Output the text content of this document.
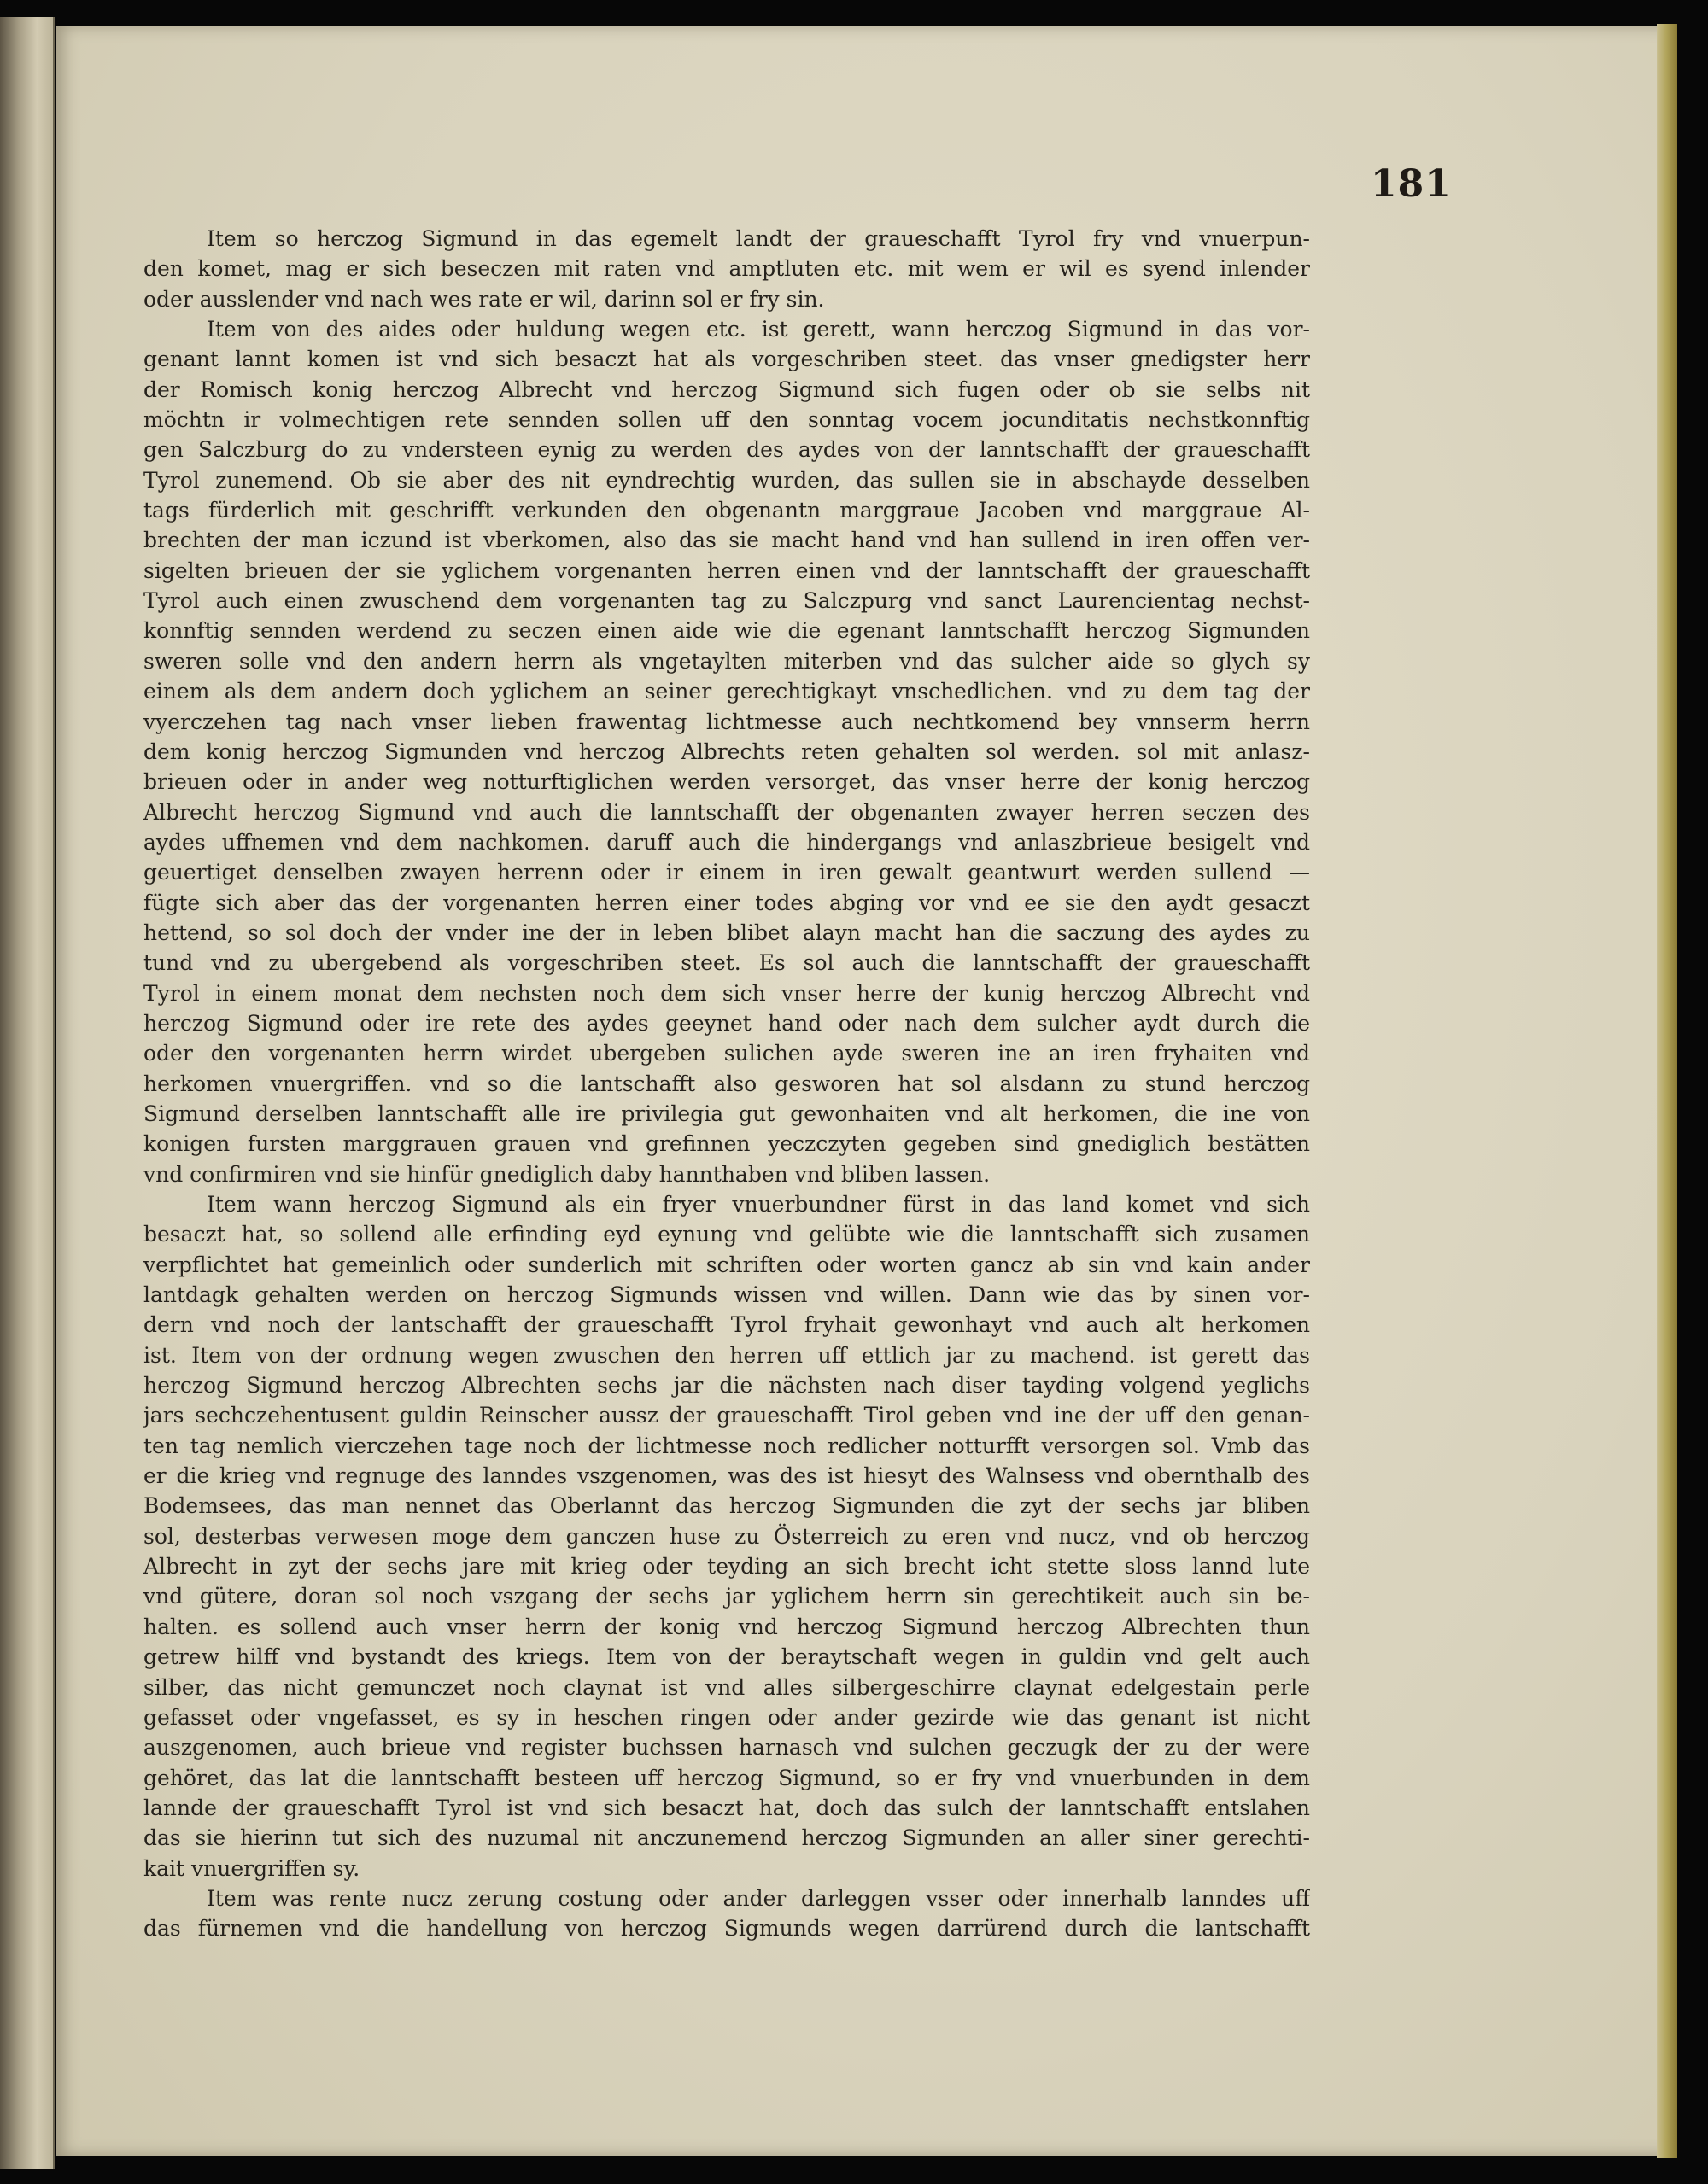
181
Item so herczog Sigmund in das egemelt landt der graueschafft Tyrol fry vnd vnuerpun-
den komet, mag er sich beseczen mit raten vnd amptluten etc. mit wem er wil es syend inlender
oder ausslender vnd nach wes rate er wil, darinn sol er fry sin.
Item von des aides oder huldung wegen etc. ist gerett, wann herczog Sigmund in das vor-
genant lannt komen ist vnd sich besaczt hat als vorgeschriben steet. das vnser gnedigster herr
der Romisch konig herczog Albrecht vnd herczog Sigmund sich fugen oder ob sie selbs nit
möchtn ir volmechtigen rete sennden sollen uff den sonntag vocem jocunditatis nechstkonnftig
gen Salczburg do zu vndersteen eynig zu werden des aydes von der lanntschafft der graueschafft
Tyrol zunemend. Ob sie aber des nit eyndrechtig wurden, das sullen sie in abschayde desselben
tags fürderlich mit geschrifft verkunden den obgenantn marggraue Jacoben vnd marggraue Al-
brechten der man iczund ist vberkomen, also das sie macht hand vnd han sullend in iren offen ver-
sigelten brieuen der sie yglichem vorgenanten herren einen vnd der lanntschafft der graueschafft
Tyrol auch einen zwuschend dem vorgenanten tag zu Salczpurg vnd sanct Laurencientag nechst-
konnftig sennden werdend zu seczen einen aide wie die egenant lanntschafft herczog Sigmunden
sweren solle vnd den andern herrn als vngetaylten miterben vnd das sulcher aide so glych sy
einem als dem andern doch yglichem an seiner gerechtigkayt vnschedlichen. vnd zu dem tag der
vyerczehen tag nach vnser lieben frawentag lichtmesse auch nechtkomend bey vnnserm herrn
dem konig herczog Sigmunden vnd herczog Albrechts reten gehalten sol werden. sol mit anlasz-
brieuen oder in ander weg notturftiglichen werden versorget, das vnser herre der konig herczog
Albrecht herczog Sigmund vnd auch die lanntschafft der obgenanten zwayer herren seczen des
aydes uffnemen vnd dem nachkomen. daruff auch die hindergangs vnd anlaszbrieue besigelt vnd
geuertiget denselben zwayen herrenn oder ir einem in iren gewalt geantwurt werden sullend —
fügte sich aber das der vorgenanten herren einer todes abging vor vnd ee sie den aydt gesaczt
hettend, so sol doch der vnder ine der in leben blibet alayn macht han die saczung des aydes zu
tund vnd zu ubergebend als vorgeschriben steet. Es sol auch die lanntschafft der graueschafft
Tyrol in einem monat dem nechsten noch dem sich vnser herre der kunig herczog Albrecht vnd
herczog Sigmund oder ire rete des aydes geeynet hand oder nach dem sulcher aydt durch die
oder den vorgenanten herrn wirdet ubergeben sulichen ayde sweren ine an iren fryhaiten vnd
herkomen vnuergriffen. vnd so die lantschafft also gesworen hat sol alsdann zu stund herczog
Sigmund derselben lanntschafft alle ire privilegia gut gewonhaiten vnd alt herkomen, die ine von
konigen fursten marggrauen grauen vnd grefinnen yeczczyten gegeben sind gnediglich bestätten
vnd confirmiren vnd sie hinfür gnediglich daby hannthaben vnd bliben lassen.
Item wann herczog Sigmund als ein fryer vnuerbundner fürst in das land komet vnd sich
besaczt hat, so sollend alle erfinding eyd eynung vnd gelübte wie die lanntschafft sich zusamen
verpflichtet hat gemeinlich oder sunderlich mit schriften oder worten gancz ab sin vnd kain ander
lantdagk gehalten werden on herczog Sigmunds wissen vnd willen. Dann wie das by sinen vor-
dern vnd noch der lantschafft der graueschafft Tyrol fryhait gewonhayt vnd auch alt herkomen
ist. Item von der ordnung wegen zwuschen den herren uff ettlich jar zu machend. ist gerett das
herczog Sigmund herczog Albrechten sechs jar die nächsten nach diser tayding volgend yeglichs
jars sechczehentusent guldin Reinscher aussz der graueschafft Tirol geben vnd ine der uff den genan-
ten tag nemlich vierczehen tage noch der lichtmesse noch redlicher notturfft versorgen sol. Vmb das
er die krieg vnd regnuge des lanndes vszgenomen, was des ist hiesyt des Walnsess vnd obernthalb des
Bodemsees, das man nennet das Oberlannt das herczog Sigmunden die zyt der sechs jar bliben
sol, desterbas verwesen moge dem ganczen huse zu Österreich zu eren vnd nucz, vnd ob herczog
Albrecht in zyt der sechs jare mit krieg oder teyding an sich brecht icht stette sloss lannd lute
vnd gütere, doran sol noch vszgang der sechs jar yglichem herrn sin gerechtikeit auch sin be-
halten. es sollend auch vnser herrn der konig vnd herczog Sigmund herczog Albrechten thun
getrew hilff vnd bystandt des kriegs. Item von der beraytschaft wegen in guldin vnd gelt auch
silber, das nicht gemunczet noch claynat ist vnd alles silbergeschirre claynat edelgestain perle
gefasset oder vngefasset, es sy in heschen ringen oder ander gezirde wie das genant ist nicht
auszgenomen, auch brieue vnd register buchssen harnasch vnd sulchen geczugk der zu der were
gehöret, das lat die lanntschafft besteen uff herczog Sigmund, so er fry vnd vnuerbunden in dem
lannde der graueschafft Tyrol ist vnd sich besaczt hat, doch das sulch der lanntschafft entslahen
das sie hierinn tut sich des nuzumal nit anczunemend herczog Sigmunden an aller siner gerechti-
kait vnuergriffen sy.
Item was rente nucz zerung costung oder ander darleggen vsser oder innerhalb lanndes uff
das fürnemen vnd die handellung von herczog Sigmunds wegen darrürend durch die lantschafft
